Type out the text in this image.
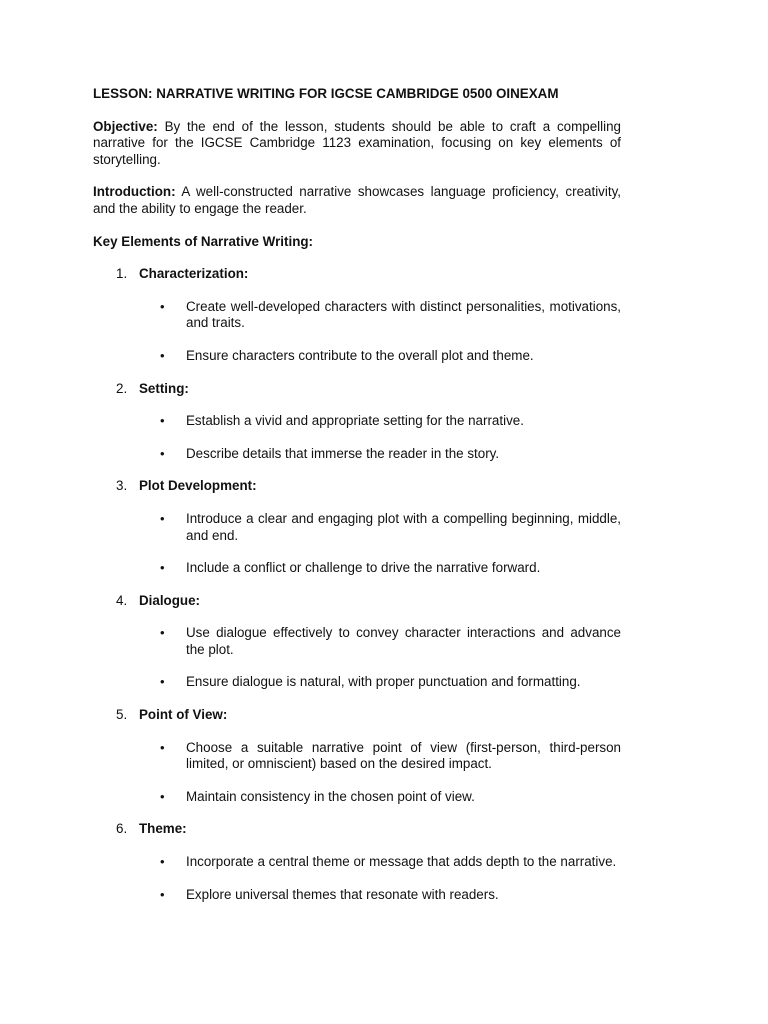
LESSON: NARRATIVE WRITING FOR IGCSE CAMBRIDGE 0500 OINEXAM

Objective: By the end of the lesson, students should be able to craft a compelling narrative for the IGCSE Cambridge 1123 examination, focusing on key elements of storytelling.

Introduction: A well-constructed narrative showcases language proficiency, creativity, and the ability to engage the reader.

Key Elements of Narrative Writing:
1. Characterization:
• Create well-developed characters with distinct personalities, motivations, and traits.
• Ensure characters contribute to the overall plot and theme.
2. Setting:
• Establish a vivid and appropriate setting for the narrative.
• Describe details that immerse the reader in the story.
3. Plot Development:
• Introduce a clear and engaging plot with a compelling beginning, middle, and end.
• Include a conflict or challenge to drive the narrative forward.
4. Dialogue:
• Use dialogue effectively to convey character interactions and advance the plot.
• Ensure dialogue is natural, with proper punctuation and formatting.
5. Point of View:
• Choose a suitable narrative point of view (first-person, third-person limited, or omniscient) based on the desired impact.
• Maintain consistency in the chosen point of view.
6. Theme:
• Incorporate a central theme or message that adds depth to the narrative.
• Explore universal themes that resonate with readers.
